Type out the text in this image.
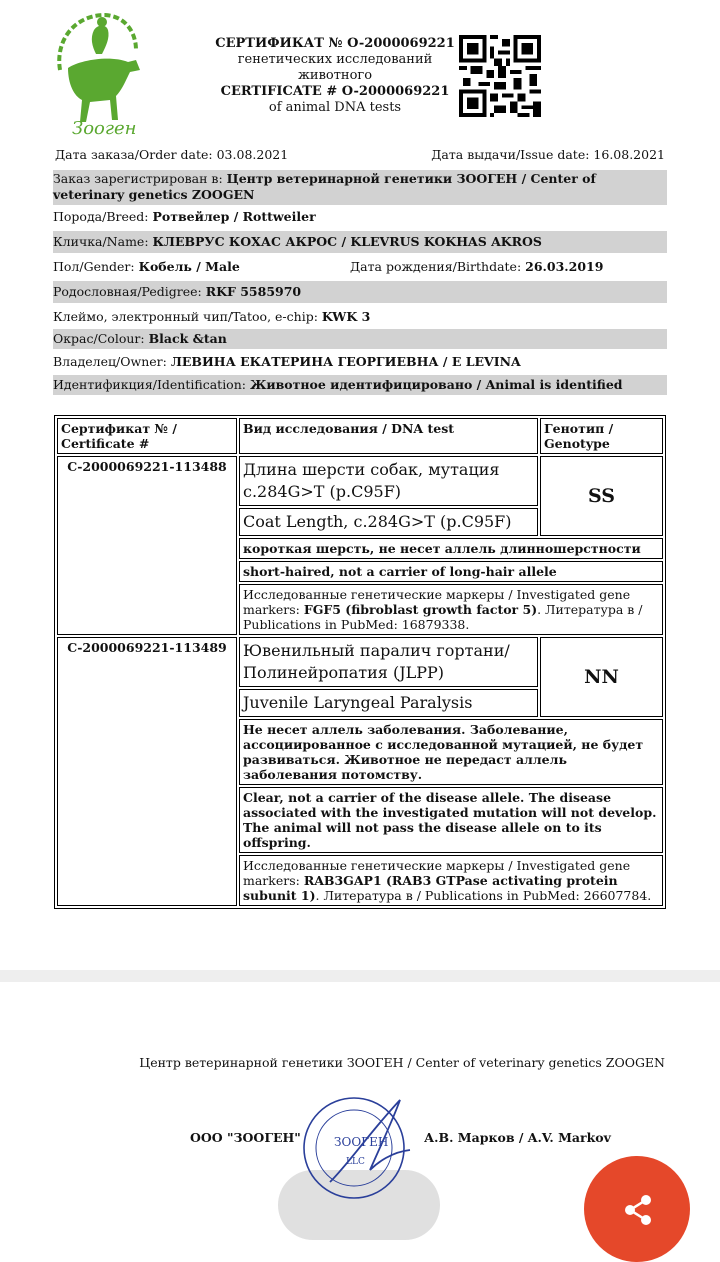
Зооген
СЕРТИФИКАТ № O-2000069221
генетических исследований
животного
CERTIFICATE # O-2000069221
of animal DNA tests
Дата заказа/Order date: 03.08.2021	Дата выдачи/Issue date: 16.08.2021
Заказ зарегистрирован в: Центр ветеринарной генетики ЗООГЕН / Center of veterinary genetics ZOOGEN
Порода/Breed: Ротвейлер / Rottweiler
Кличка/Name: КЛЕВРУС КОХАС АКРОС / KLEVRUS KOKHAS AKROS
Пол/Gender: Кобель / Male	Дата рождения/Birthdate: 26.03.2019
Родословная/Pedigree: RKF 5585970
Клеймо, электронный чип/Tatoo, e-chip: KWK 3
Окрас/Colour: Black &tan
Владелец/Owner: ЛЕВИНА ЕКАТЕРИНА ГЕОРГИЕВНА / E LEVINA
Идентификция/Identification: Животное идентифицировано / Animal is identified
Сертификат № / Certificate #	Вид исследования / DNA test	Генотип / Genotype
C-2000069221-113488	Длина шерсти собак, мутация с.284G>T (p.C95F)	SS
	Coat Length, c.284G>T (p.C95F)	
	короткая шерсть, не несет аллель длинношерстности	
	short-haired, not a carrier of long-hair allele	
	Исследованные генетические маркеры / Investigated gene markers: FGF5 (fibroblast growth factor 5). Литература в / Publications in PubMed: 16879338.	
C-2000069221-113489	Ювенильный паралич гортани/Полинейропатия (JLPP)	NN
	Juvenile Laryngeal Paralysis	
	Не несет аллель заболевания. Заболевание, ассоциированное с исследованной мутацией, не будет развиваться. Животное не передаст аллель заболевания потомству.	
	Clear, not a carrier of the disease allele. The disease associated with the investigated mutation will not develop. The animal will not pass the disease allele on to its offspring.	
	Исследованные генетические маркеры / Investigated gene markers: RAB3GAP1 (RAB3 GTPase activating protein subunit 1). Литература в / Publications in PubMed: 26607784.	
Центр ветеринарной генетики ЗООГЕН / Center of veterinary genetics ZOOGEN
ООО "ЗООГЕН"	А.В. Марков / A.V. Markov
ЗООГЕН
LLC
